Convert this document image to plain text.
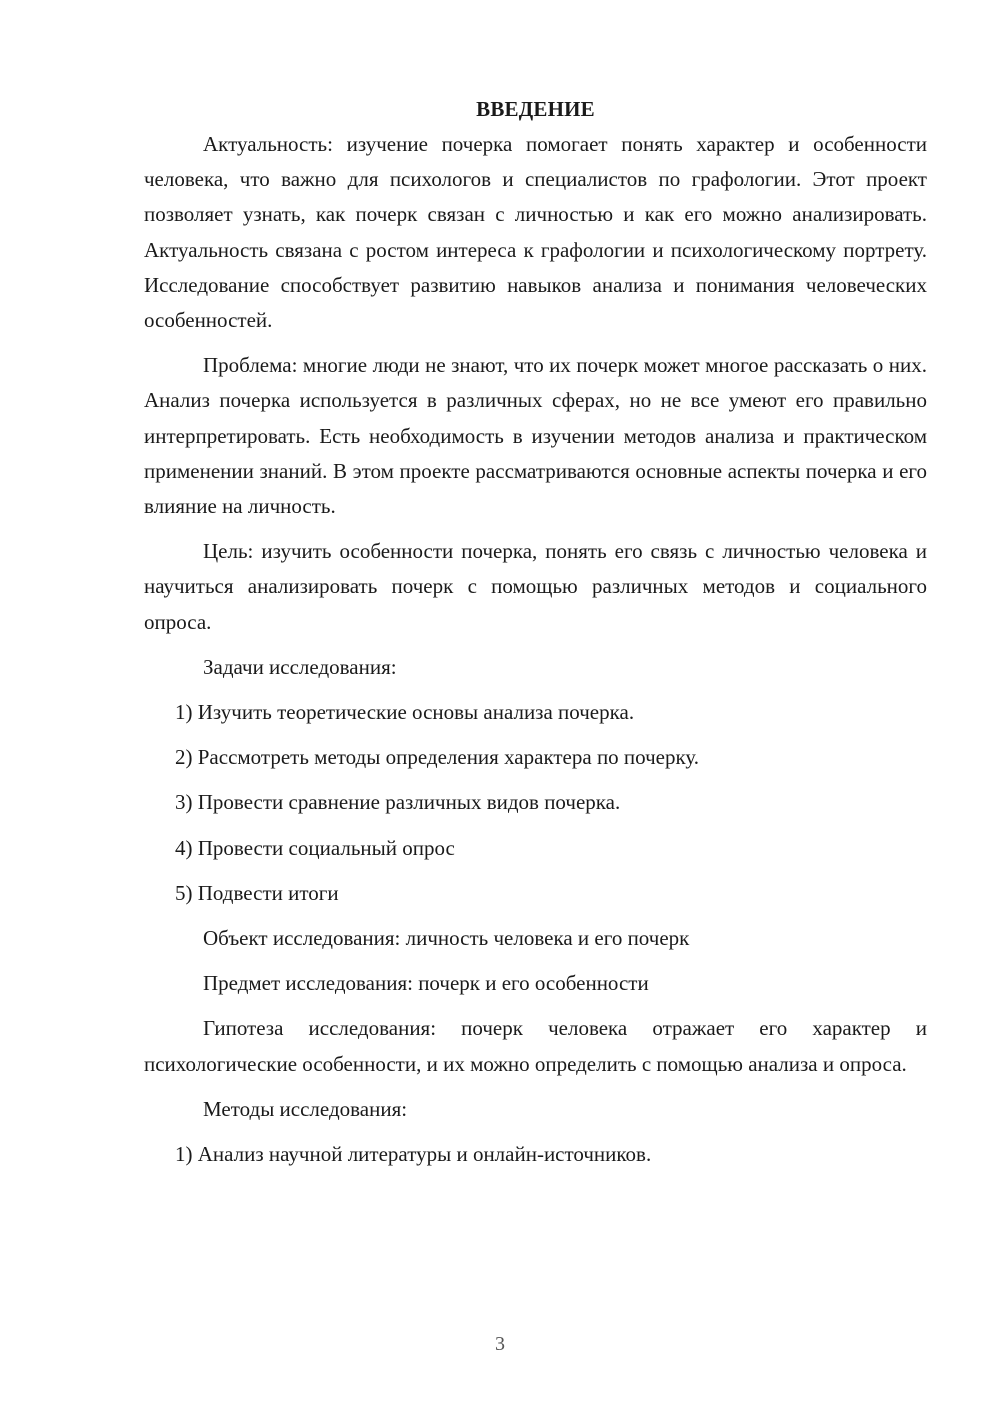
ВВЕДЕНИЕ

Актуальность: изучение почерка помогает понять характер и особенности человека, что важно для психологов и специалистов по графологии. Этот проект позволяет узнать, как почерк связан с личностью и как его можно анализировать. Актуальность связана с ростом интереса к графологии и психологическому портрету. Исследование способствует развитию навыков анализа и понимания человеческих особенностей.

Проблема: многие люди не знают, что их почерк может многое рассказать о них. Анализ почерка используется в различных сферах, но не все умеют его правильно интерпретировать. Есть необходимость в изучении методов анализа и практическом применении знаний. В этом проекте рассматриваются основные аспекты почерка и его влияние на личность.

Цель: изучить особенности почерка, понять его связь с личностью человека и научиться анализировать почерк с помощью различных методов и социального опроса.

Задачи исследования:
1) Изучить теоретические основы анализа почерка.
2) Рассмотреть методы определения характера по почерку.
3) Провести сравнение различных видов почерка.
4) Провести социальный опрос
5) Подвести итоги
Объект исследования: личность человека и его почерк
Предмет исследования: почерк и его особенности

Гипотеза исследования: почерк человека отражает его характер и психологические особенности, и их можно определить с помощью анализа и опроса.

Методы исследования:
1) Анализ научной литературы и онлайн-источников.
3
